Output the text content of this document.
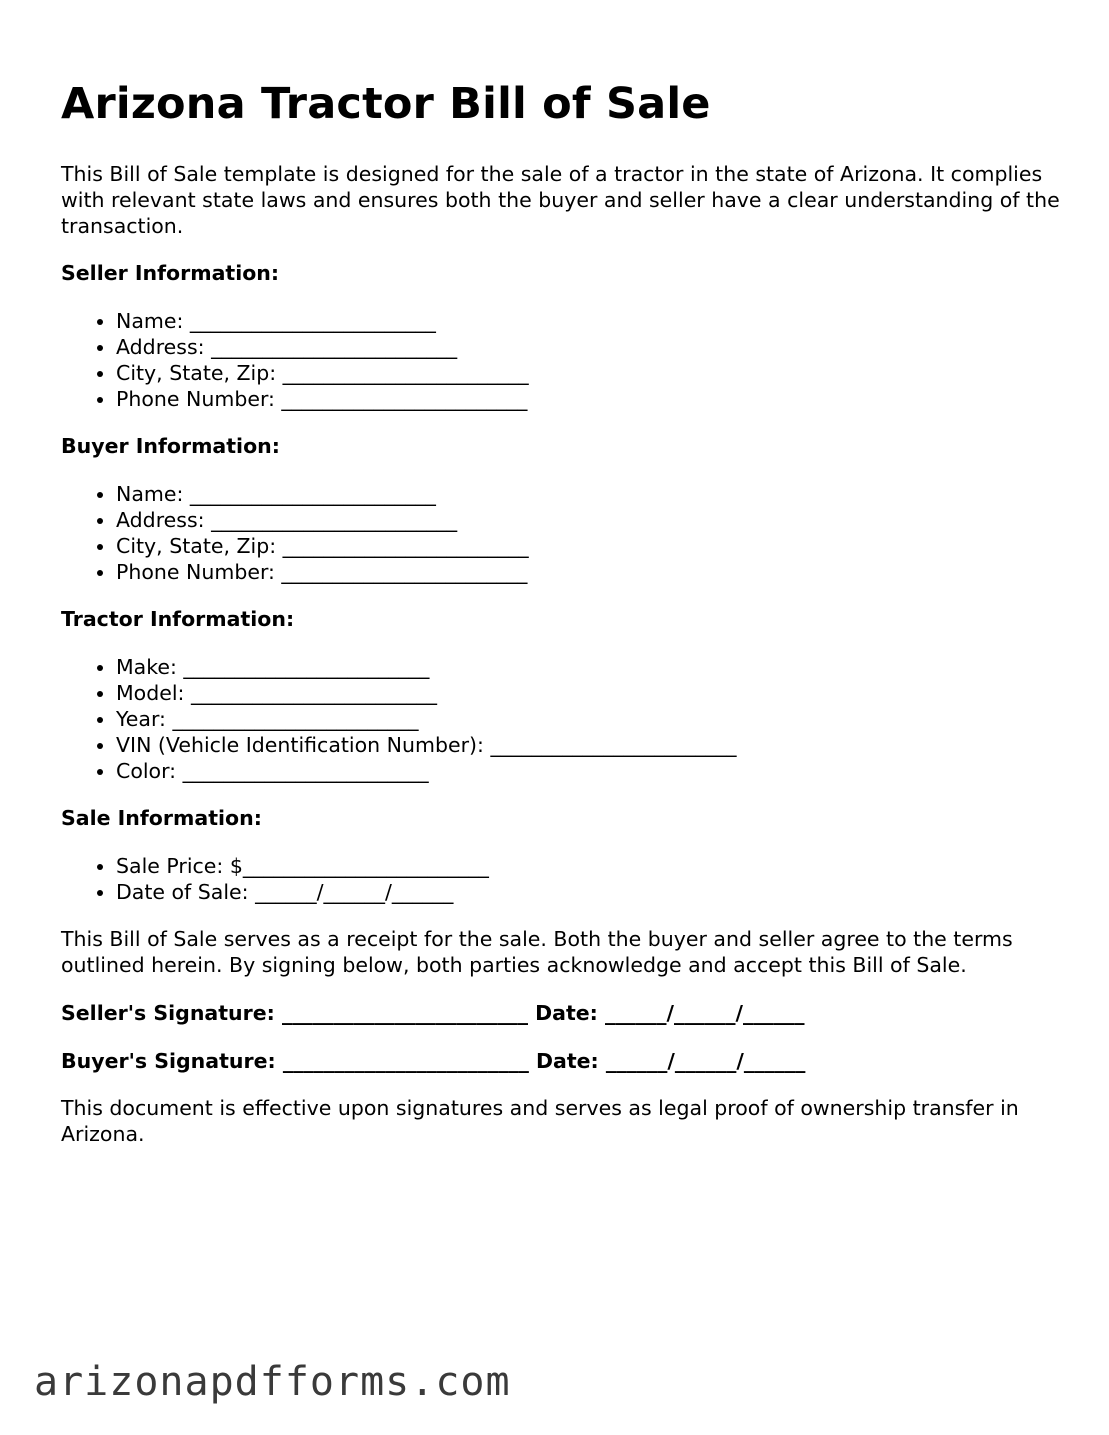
Arizona Tractor Bill of Sale

This Bill of Sale template is designed for the sale of a tractor in the state of Arizona. It complies with relevant state laws and ensures both the buyer and seller have a clear understanding of the transaction.

Seller Information:
• Name: ________________________
• Address: ________________________
• City, State, Zip: ________________________
• Phone Number: ________________________
Buyer Information:
• Name: ________________________
• Address: ________________________
• City, State, Zip: ________________________
• Phone Number: ________________________
Tractor Information:
• Make: ________________________
• Model: ________________________
• Year: ________________________
• VIN (Vehicle Identification Number): ________________________
• Color: ________________________
Sale Information:
• Sale Price: $________________________
• Date of Sale: ______/______/______

This Bill of Sale serves as a receipt for the sale. Both the buyer and seller agree to the terms outlined herein. By signing below, both parties acknowledge and accept this Bill of Sale.

Seller's Signature: ________________________ Date: ______/______/______
Buyer's Signature: ________________________ Date: ______/______/______

This document is effective upon signatures and serves as legal proof of ownership transfer in Arizona.

arizonapdfforms.com
